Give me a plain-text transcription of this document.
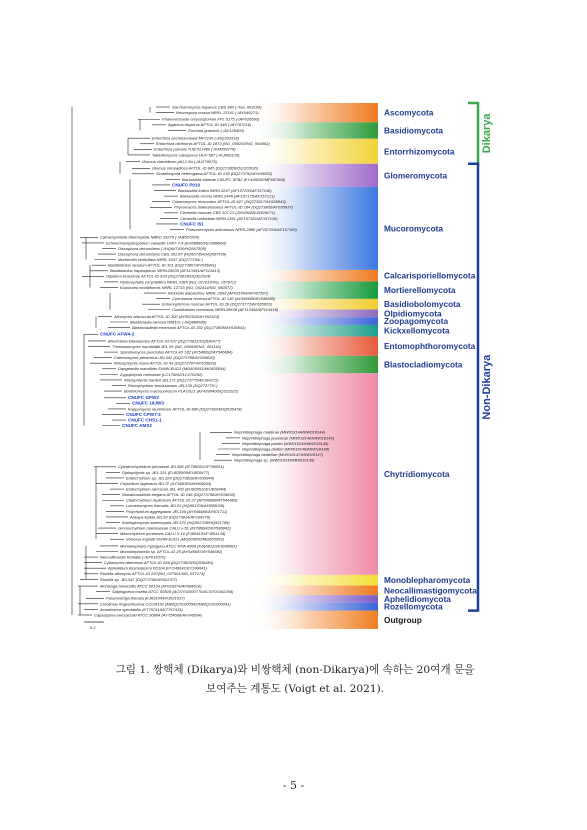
Ascomycota
Basidiomycota
Entorrhizomycota
Glomeromycota
Mucoromycota
Calcarisporiellomycota
Mortierellomycota
Basidiobolomycota
Olpidiomycota
Zoopagomycota
Kickxellomycota
Entomophthoromycota
Blastocladiomycota
Chytridiomycota
Monoblepharomycota
Neocallimastigomycota
Aphelidiomycota
Rozellomycota
Outgroup
Dikarya
Non-Dikarya
Saccharomyces bayanus CBS 380 (-/NG_063104)
Neurospora crassa NRRL 13141 (-/AY046271)
Phanerochaete chrysosporium FPL 5175 (-/AF026593)
Agaricus bisporus AFTOL-ID 448 (-/AY787216)
Puccinia graminis (-/AY125409)
Entorrhiza aschersoniana MP2230 (-/DQ363318)
Entorrhiza citriformis AFTOL-ID 1873 (NG_059193/NG_064962)
Entorrhiza parvula TUB 021486 (-/KM359779)
Talbotiomyces calosporus HUV 587 (-/KJ666129)
Glomus claroideum pKL2-8a (-/AJ276075)
Glomus intraradices AFTOL-ID 845 (DQ273828/DQ322630)
Scutellospora heterogama AFTOL-ID 138 (DQ273792/AY635832)
Backusella tuberae CNUFC-SFB2 (KY449292/MF667969)
CNUFC P010
Backusella indica NRRL3247 (AF157200/AF157146)
Backusella circina NRRL2446 (AF157175/AF157121)
Cokeromyces recurvatus AFTOL-ID 627 (DQ273817/AY635843)
Phycomyces blakesleeanus AFTOL-ID 184 (DQ273800/AY635837)
Circinella muscae CBS 107.13 (JX629085/JX629071)
Circinella umbellata NRRL1351 (AF157182/AF157128)
CNUFC I51
Phascolomyces articulosus NRRL2880 (AF157204/AF157150)
Calcarisporiella thermophila NBRC 33279 (-/AB567204)
Echinochlamydosporium variabile LN07-7-4 (EU688963/EU688964)
Dissophora decumbens (-/HQ667430/HQ667508)
Dissophora decumbens CBS 301.87 (HQ667354/HQ667439)
Mortierella verticillata NRRL 6337 (DQ273794/-)
Basidiobolus ranarum AFTOL-ID 301 (DQ273807/AY635841)
Basidiobolus haptosporus NRRL28635 (AF113451/AF113413)
Olpidium brassicae AFTOL-ID 633 (DQ273818/DQ322624)
Piptocephalis corymbifera NRRL 2385 (NG_027616/NG_057972)
Kuzuhaea moniliformis NRRL 12733 (NG_042414/NG_060972)
Kickxella alabastrina NRRL 2693 (AF031064/AF007537)
Coemansia reversa AFTOL-ID 140 (AY546689/AY546685)
Entomophthora muscae AFTOL-ID 28 (DQ273772/AY635820)
Conidiobolus coronatus NRRL28638 (AF113456/AF113418)
Allomyces arbuscula AFTOL-ID 300 (AY552525/AY552524)
Blastocladia ramosa WM101 (-/HQ888695)
Blastocladiella emersonii AFTOL-ID 302 (DQ273808/AY635842)
CNUFC AFW4-2
Brevicaleia kilaueaense AFTOL-ID 637 (DQ273821/DQ536477)
Thoreauomyces humboldtii JEL 95 (NG_059938/NG_061116)
Spizellomyces punctatus AFTOL-ID 182 (AY546692/AY546684)
Catenomyces persicinus JEL342 (DQ273788/AY635830)
Rhizophlyctis rosea AFTOL-ID 43 (DQ273787/AY635829)
Dangeardia mamillata SVdW-EUD2 (MG605051/MG605054)
Zygophlyctis melosirae (LC176292/LC176292)
Rhizophlyctis harderi JEL171 (DQ273775/AF164272)
Rhizophydium brooksianum JEL136 (DQ273770/-)
Boothiomyces macroporosum PLAUS21 (AY439040/DQ322622)
CNUFC GPW2
CNUFC 19JW3
Kappamyces laurelensis AFTOL-ID 690 (DQ273824/DQ536478)
CNUFC CPW7-3
CNUFC CHS1-1
CNUFC AMS2
Nephridiophaga maderae (MW018144/MW018144)
Nephridiophaga javanicae (MW018146/MW018146)
Nephridiophaga postici (MW018145/MW018145)
Nephridiophaga blatteri (MW018148/MW018148)
Nephridiophaga blattellae (MW018147/MW018147)
Nephridiophaga sp. (MW018149/MW018149)
Cylindrochytridium johnstonii JEL596 (JF796052/JF796051)
Diplophlyctis sp. JEL 331 (EU828505/EU828477)
Endochytrium sp. JEL324 (DQ273818/AY635844)
Chytridium lagenaria JEL72 (AY349083/AH009044)
Endochytrium ramosum JEL 402 (EU828511/EU828484)
Nowakowskiella elegans AFTOL-ID 146 (DQ273798/AY635835)
Cladochytrium replicatum AFTOL-ID 27 (AY546688/AY546683)
Lacustromyces hiemalis JEL31 (HQ901709/AH009039)
Polychytrium aggregatum JEL109 (AY546686/AY601711)
Ankaya lepida JEL93 (DQ273814/AF164278)
Karlingiomyces asterocystis JEL572 (HQ901708/HQ901769)
Gromochytrium mamkaevae CALU x-51 (KF586842/KF586842)
Mesochytrium penetrans CALU X 10 (FJ804153/FJ804149)
Volvorax ingoldii SVdW-EUD1 (MG605050/MG605053)
Monoblepharis hypogyna ATCC MYA-4809 (KJ668120/KJ668081)
Monoblepharella sp. AFTOL-ID 25 (AY546687/AY546682)
Neocallimastix frontalis (-/EF014370)
Cyllamyces aberensis AFTOL-ID 846 (DQ273829/DQ536481)
Aphelidium desmodesmi FD104 (KY249641/KY249641)
Rozella allomycis AFTOL-ID 297(NG_027561/NG_017174)
Rozella sp. JEL347 (DQ273766/AY601707)
Monosiga brevicollis ATCC 50154 (AY026374/AF084618)
Salpingoeca rosetta ATCC 50818 (ACSY01000770/ACSY01002269)
Paramoeciga thecata (KJ631043/KJ631037)
Creolimax fragrantissima CCCM101 (MWQC01000542/MWQC01000041)
Acanthoeca spectabilis (KT757416/KT757415)
Capsaspora owczarzaki ATCC 30864 (AY724688/AF349564)
0.2
그림 1. 쌍핵체 (Dikarya)와 비쌍핵체 (non-Dikarya)에 속하는 20여개 문을
보여주는 계통도 (Voigt et al. 2021).
- 5 -
